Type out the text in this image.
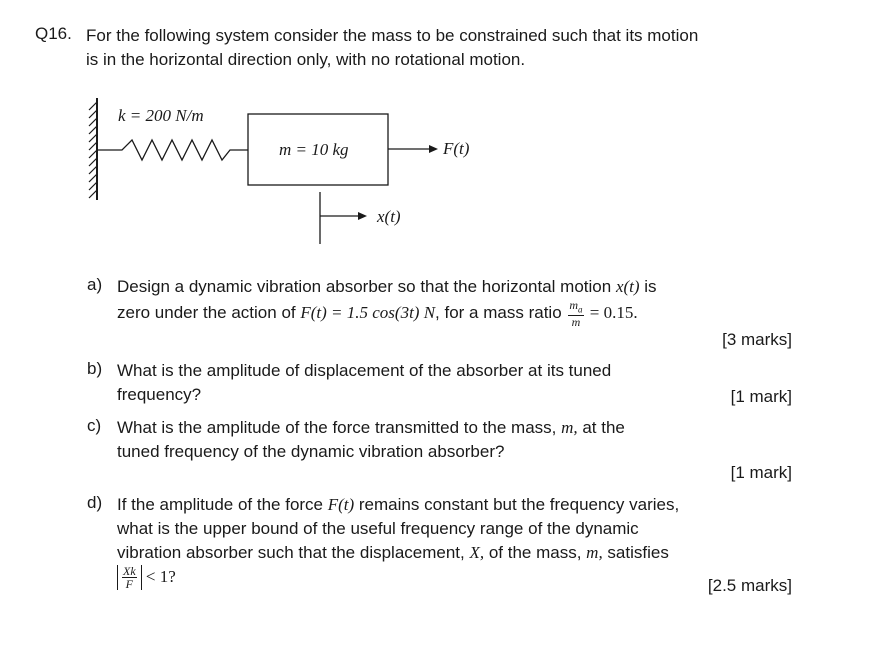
Q16. For the following system consider the mass to be constrained such that its motion is in the horizontal direction only, with no rotational motion.
k = 200 N/m
m = 10 kg	F(t)
x(t)
a) Design a dynamic vibration absorber so that the horizontal motion x(t) is zero under the action of F(t) = 1.5 cos(3t) N, for a mass ratio $\frac{m_a}{m} = 0.15$.
[3 marks]
b) What is the amplitude of displacement of the absorber at its tuned frequency?	[1 mark]
c) What is the amplitude of the force transmitted to the mass, m, at the tuned frequency of the dynamic vibration absorber?
[1 mark]
d) If the amplitude of the force F(t) remains constant but the frequency varies, what is the upper bound of the useful frequency range of the dynamic vibration absorber such that the displacement, X, of the mass, m, satisfies
$\frac{Xk}{F} < 1$?	[2.5 marks]
